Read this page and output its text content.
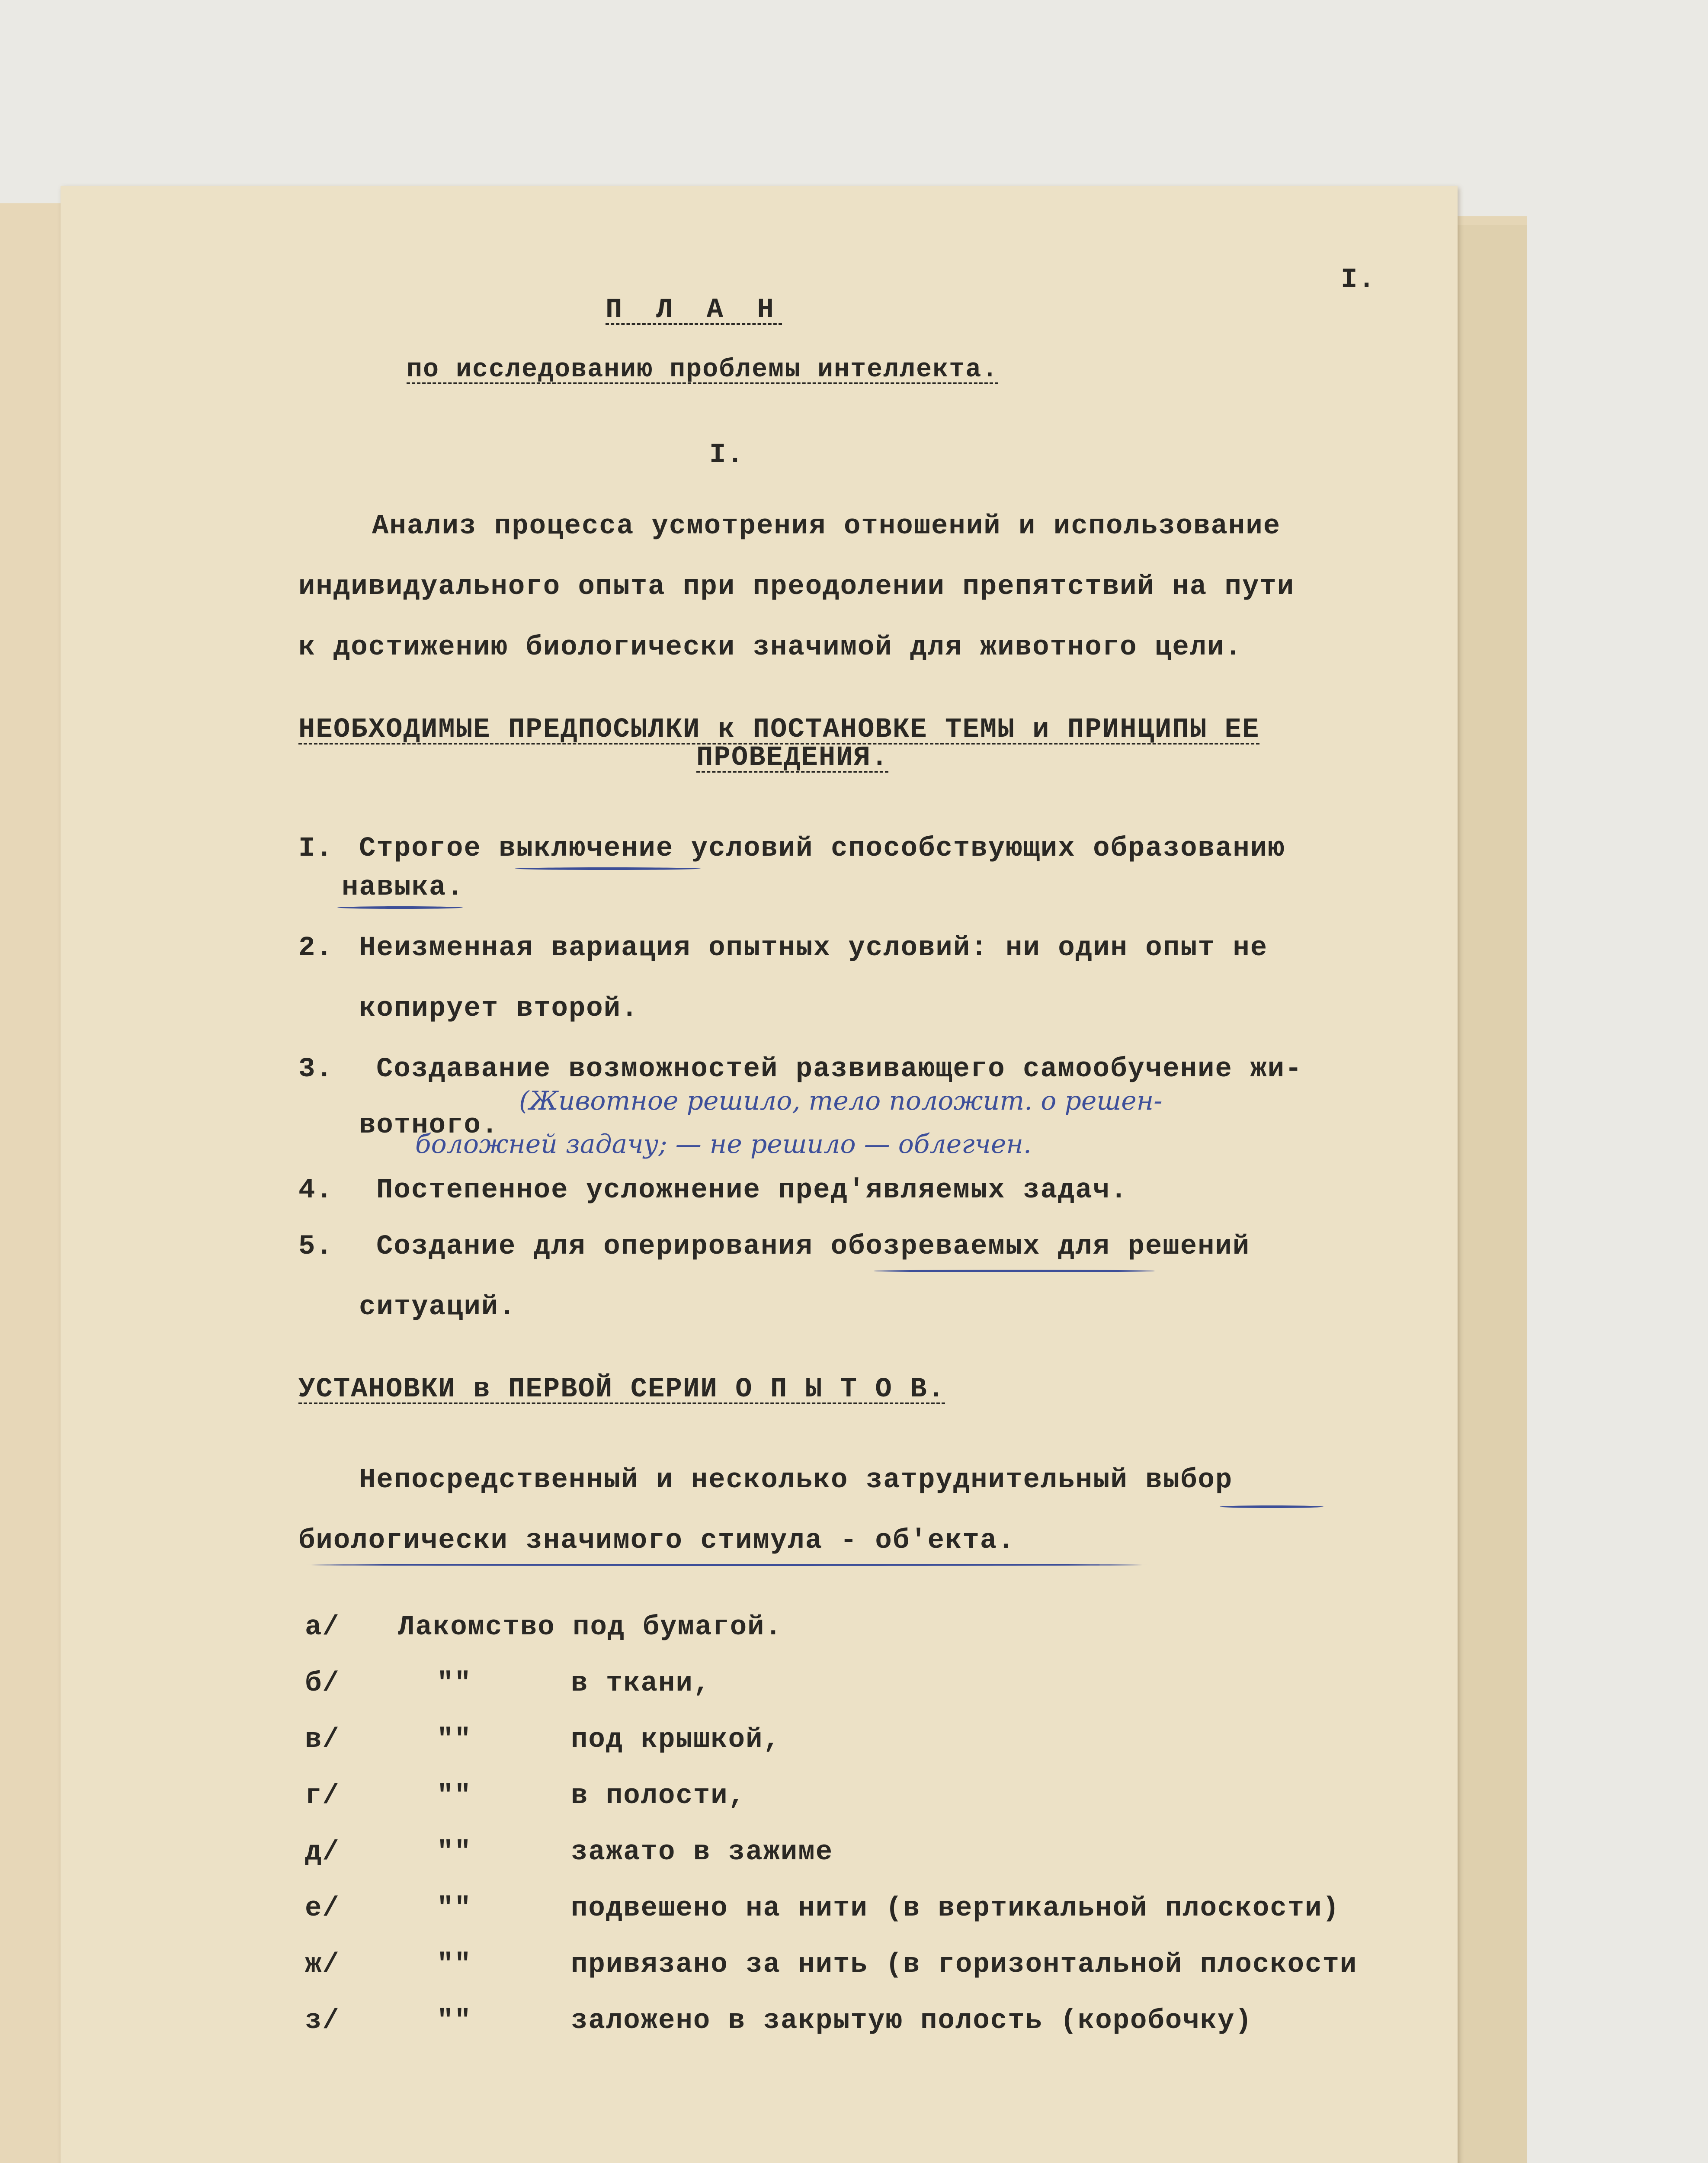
I.
П Л А Н
по исследованию проблемы интеллекта.
I.
Анализ процесса усмотрения отношений и использование
индивидуального опыта при преодолении препятствий на пути
к достижению биологически значимой для животного цели.
НЕОБХОДИМЫЕ ПРЕДПОСЫЛКИ к ПОСТАНОВКЕ ТЕМЫ и ПРИНЦИПЫ ЕЕ
ПРОВЕДЕНИЯ.
I. Строгое выключение условий способствующих образованию
навыка.
2. Неизменная вариация опытных условий: ни один опыт не
копирует второй.
3. Создавание возможностей развивающего самообучение жи-
вотного.
(Животное решило, тело положит. о решен-
боложней задачу; — не решило — облегчен.
4. Постепенное усложнение пред'являемых задач.
5. Создание для оперирования обозреваемых для решений
ситуаций.
УСТАНОВКИ в ПЕРВОЙ СЕРИИ О П Ы Т О В.
Непосредственный и несколько затруднительный выбор
биологически значимого стимула - об'екта.
а/ Лакомство под бумагой.
б/	""	в ткани,
в/	""	под крышкой,
г/	""	в полости,
д/	""	зажато в зажиме
е/	""	подвешено на нити (в вертикальной плоскости)
ж/	""	привязано за нить (в горизонтальной плоскости
з/	""	заложено в закрытую полость (коробочку)
